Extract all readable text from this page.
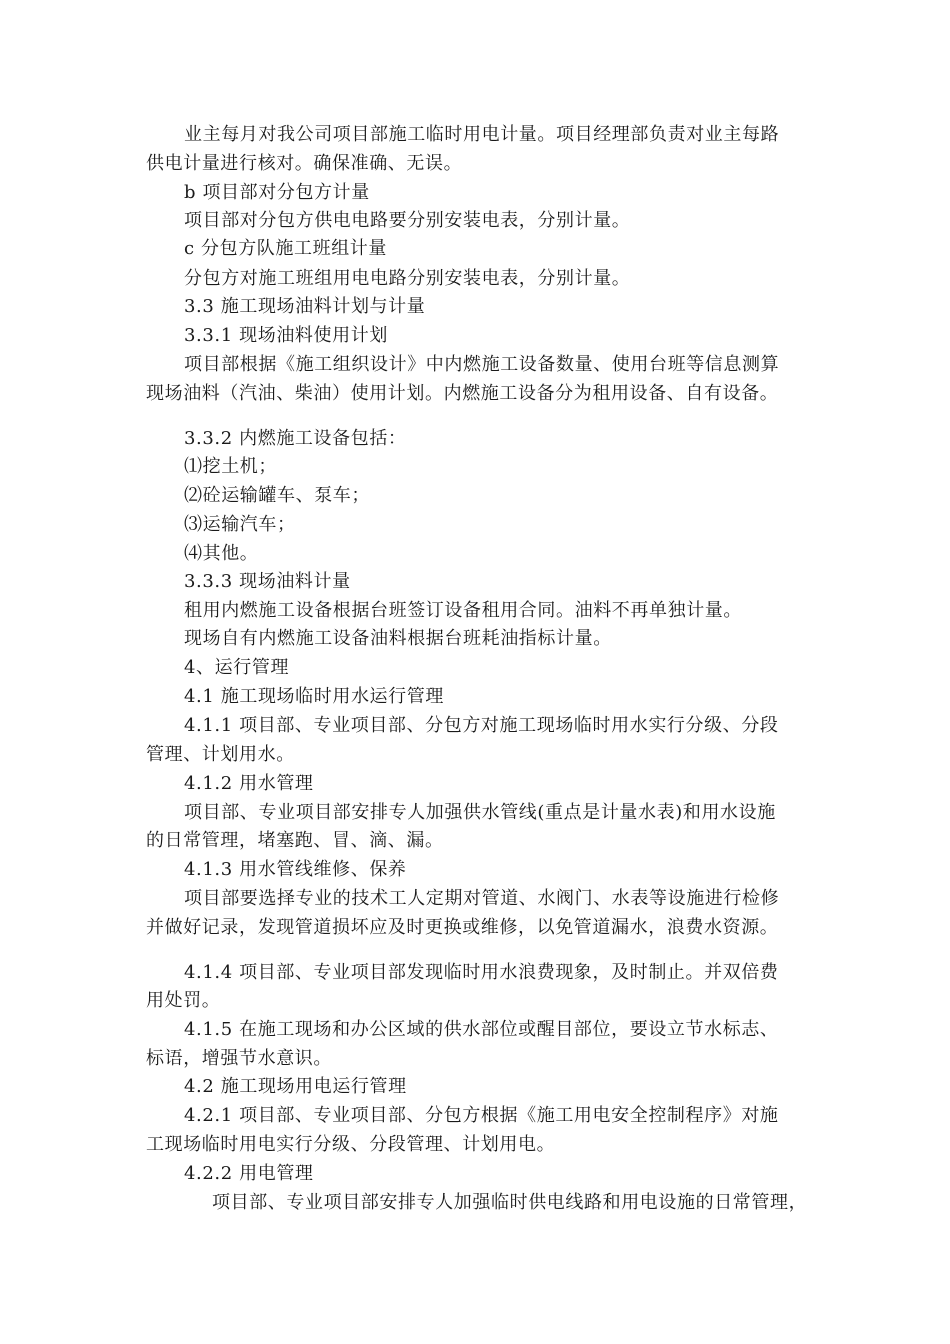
业主每月对我公司项目部施工临时用电计量。项目经理部负责对业主每路
供电计量进行核对。确保准确、无误。
b 项目部对分包方计量
项目部对分包方供电电路要分别安装电表，分别计量。
c 分包方队施工班组计量
分包方对施工班组用电电路分别安装电表，分别计量。
3.3 施工现场油料计划与计量
3.3.1 现场油料使用计划
项目部根据《施工组织设计》中内燃施工设备数量、使用台班等信息测算
现场油料（汽油、柴油）使用计划。内燃施工设备分为租用设备、自有设备。
3.3.2 内燃施工设备包括：
⑴挖土机；
⑵砼运输罐车、泵车；
⑶运输汽车；
⑷其他。
3.3.3 现场油料计量
租用内燃施工设备根据台班签订设备租用合同。油料不再单独计量。
现场自有内燃施工设备油料根据台班耗油指标计量。
4、运行管理
4.1 施工现场临时用水运行管理
4.1.1 项目部、专业项目部、分包方对施工现场临时用水实行分级、分段
管理、计划用水。
4.1.2 用水管理
项目部、专业项目部安排专人加强供水管线(重点是计量水表)和用水设施
的日常管理，堵塞跑、冒、滴、漏。
4.1.3 用水管线维修、保养
项目部要选择专业的技术工人定期对管道、水阀门、水表等设施进行检修
并做好记录，发现管道损坏应及时更换或维修，以免管道漏水，浪费水资源。
4.1.4 项目部、专业项目部发现临时用水浪费现象，及时制止。并双倍费
用处罚。
4.1.5 在施工现场和办公区域的供水部位或醒目部位，要设立节水标志、
标语，增强节水意识。
4.2 施工现场用电运行管理
4.2.1 项目部、专业项目部、分包方根据《施工用电安全控制程序》对施
工现场临时用电实行分级、分段管理、计划用电。
4.2.2 用电管理
项目部、专业项目部安排专人加强临时供电线路和用电设施的日常管理，
